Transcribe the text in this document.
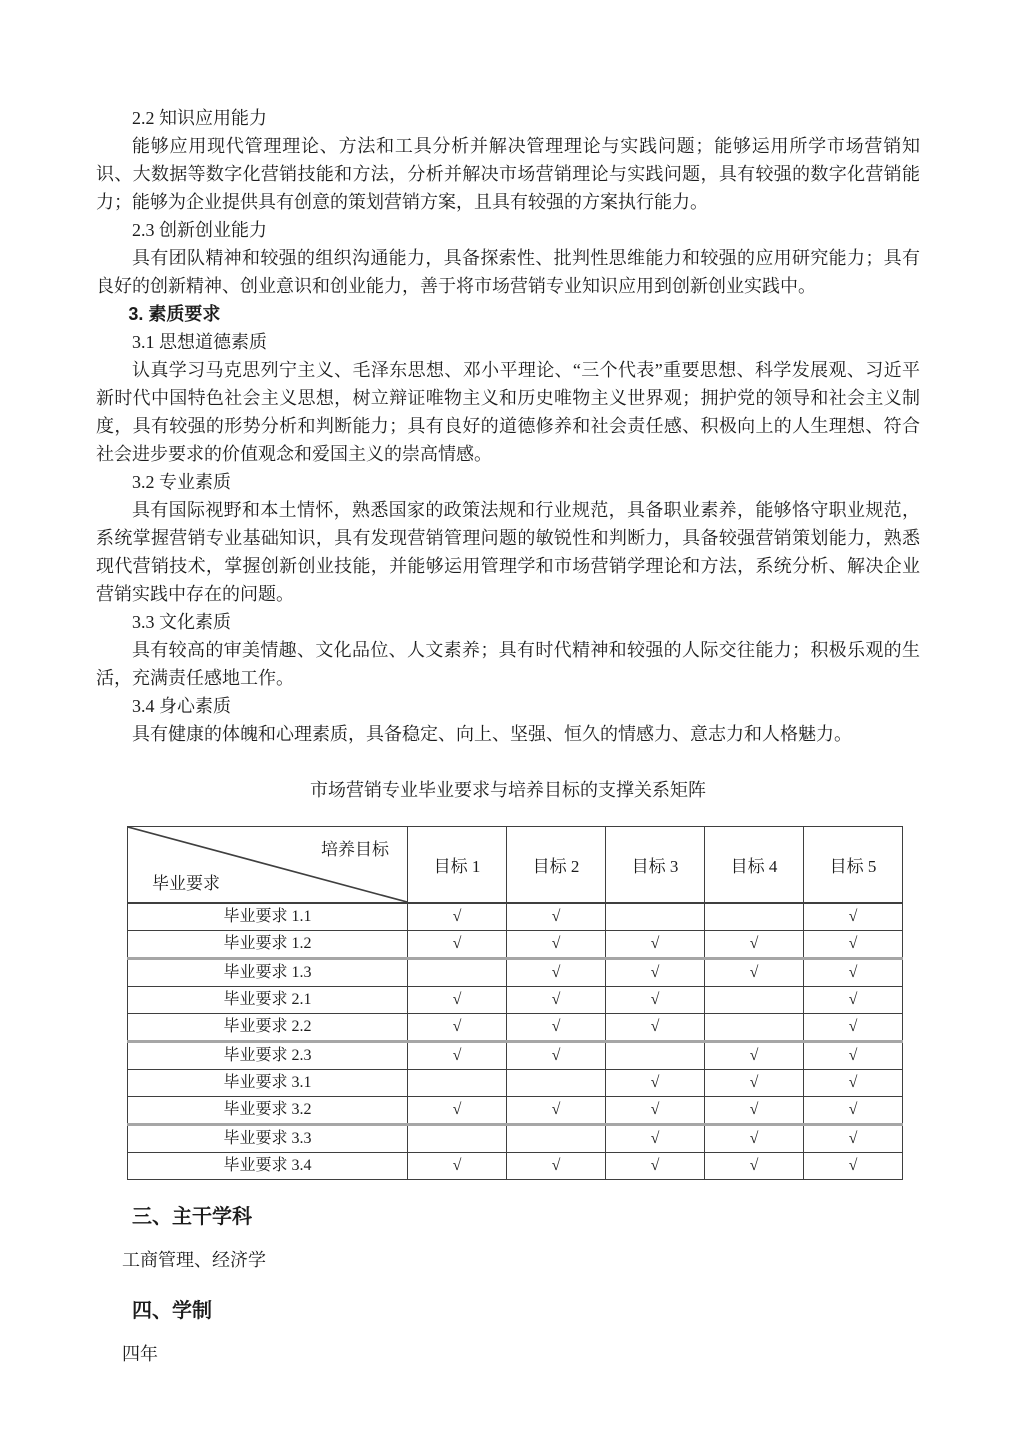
2.2 知识应用能力

能够应用现代管理理论、方法和工具分析并解决管理理论与实践问题；能够运用所学市场营销知识、大数据等数字化营销技能和方法，分析并解决市场营销理论与实践问题，具有较强的数字化营销能力；能够为企业提供具有创意的策划营销方案，且具有较强的方案执行能力。

2.3 创新创业能力

具有团队精神和较强的组织沟通能力，具备探索性、批判性思维能力和较强的应用研究能力；具有良好的创新精神、创业意识和创业能力，善于将市场营销专业知识应用到创新创业实践中。

3. 素质要求

3.1 思想道德素质

认真学习马克思列宁主义、毛泽东思想、邓小平理论、“三个代表”重要思想、科学发展观、习近平新时代中国特色社会主义思想，树立辩证唯物主义和历史唯物主义世界观；拥护党的领导和社会主义制度，具有较强的形势分析和判断能力；具有良好的道德修养和社会责任感、积极向上的人生理想、符合社会进步要求的价值观念和爱国主义的崇高情感。

3.2 专业素质

具有国际视野和本土情怀，熟悉国家的政策法规和行业规范，具备职业素养，能够恪守职业规范，系统掌握营销专业基础知识，具有发现营销管理问题的敏锐性和判断力，具备较强营销策划能力，熟悉现代营销技术，掌握创新创业技能，并能够运用管理学和市场营销学理论和方法，系统分析、解决企业营销实践中存在的问题。

3.3 文化素质

具有较高的审美情趣、文化品位、人文素养；具有时代精神和较强的人际交往能力；积极乐观的生活，充满责任感地工作。

3.4 身心素质

具有健康的体魄和心理素质，具备稳定、向上、坚强、恒久的情感力、意志力和人格魅力。

市场营销专业毕业要求与培养目标的支撑关系矩阵
培养目标
毕业要求	目标 1	目标 2	目标 3	目标 4	目标 5
毕业要求 1.1	√	√			√
毕业要求 1.2	√	√	√	√	√
毕业要求 1.3		√	√	√	√
毕业要求 2.1	√	√	√		√
毕业要求 2.2	√	√	√		√
毕业要求 2.3	√	√		√	√
毕业要求 3.1			√	√	√
毕业要求 3.2	√	√	√	√	√
毕业要求 3.3			√	√	√
毕业要求 3.4	√	√	√	√	√

三、主干学科

工商管理、经济学

四、学制

四年
